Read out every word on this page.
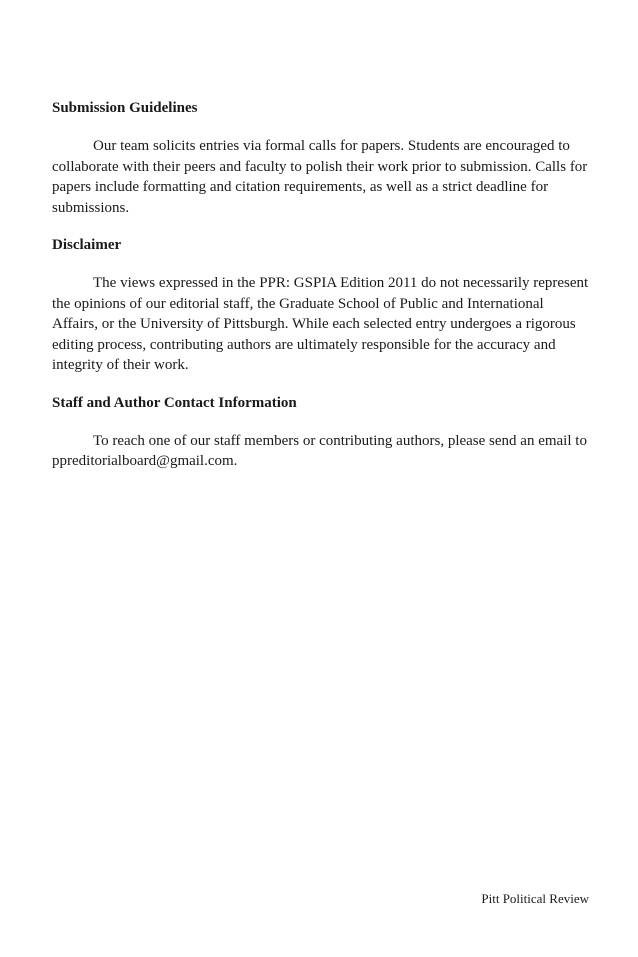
Submission Guidelines

Our team solicits entries via formal calls for papers. Students are encouraged to collaborate with their peers and faculty to polish their work prior to submission. Calls for papers include formatting and citation requirements, as well as a strict deadline for submissions.

Disclaimer

The views expressed in the PPR: GSPIA Edition 2011 do not necessarily represent the opinions of our editorial staff, the Graduate School of Public and International Affairs, or the University of Pittsburgh. While each selected entry undergoes a rigorous editing process, contributing authors are ultimately responsible for the accuracy and integrity of their work.

Staff and Author Contact Information

To reach one of our staff members or contributing authors, please send an email to ppreditorialboard@gmail.com.

Pitt Political Review
